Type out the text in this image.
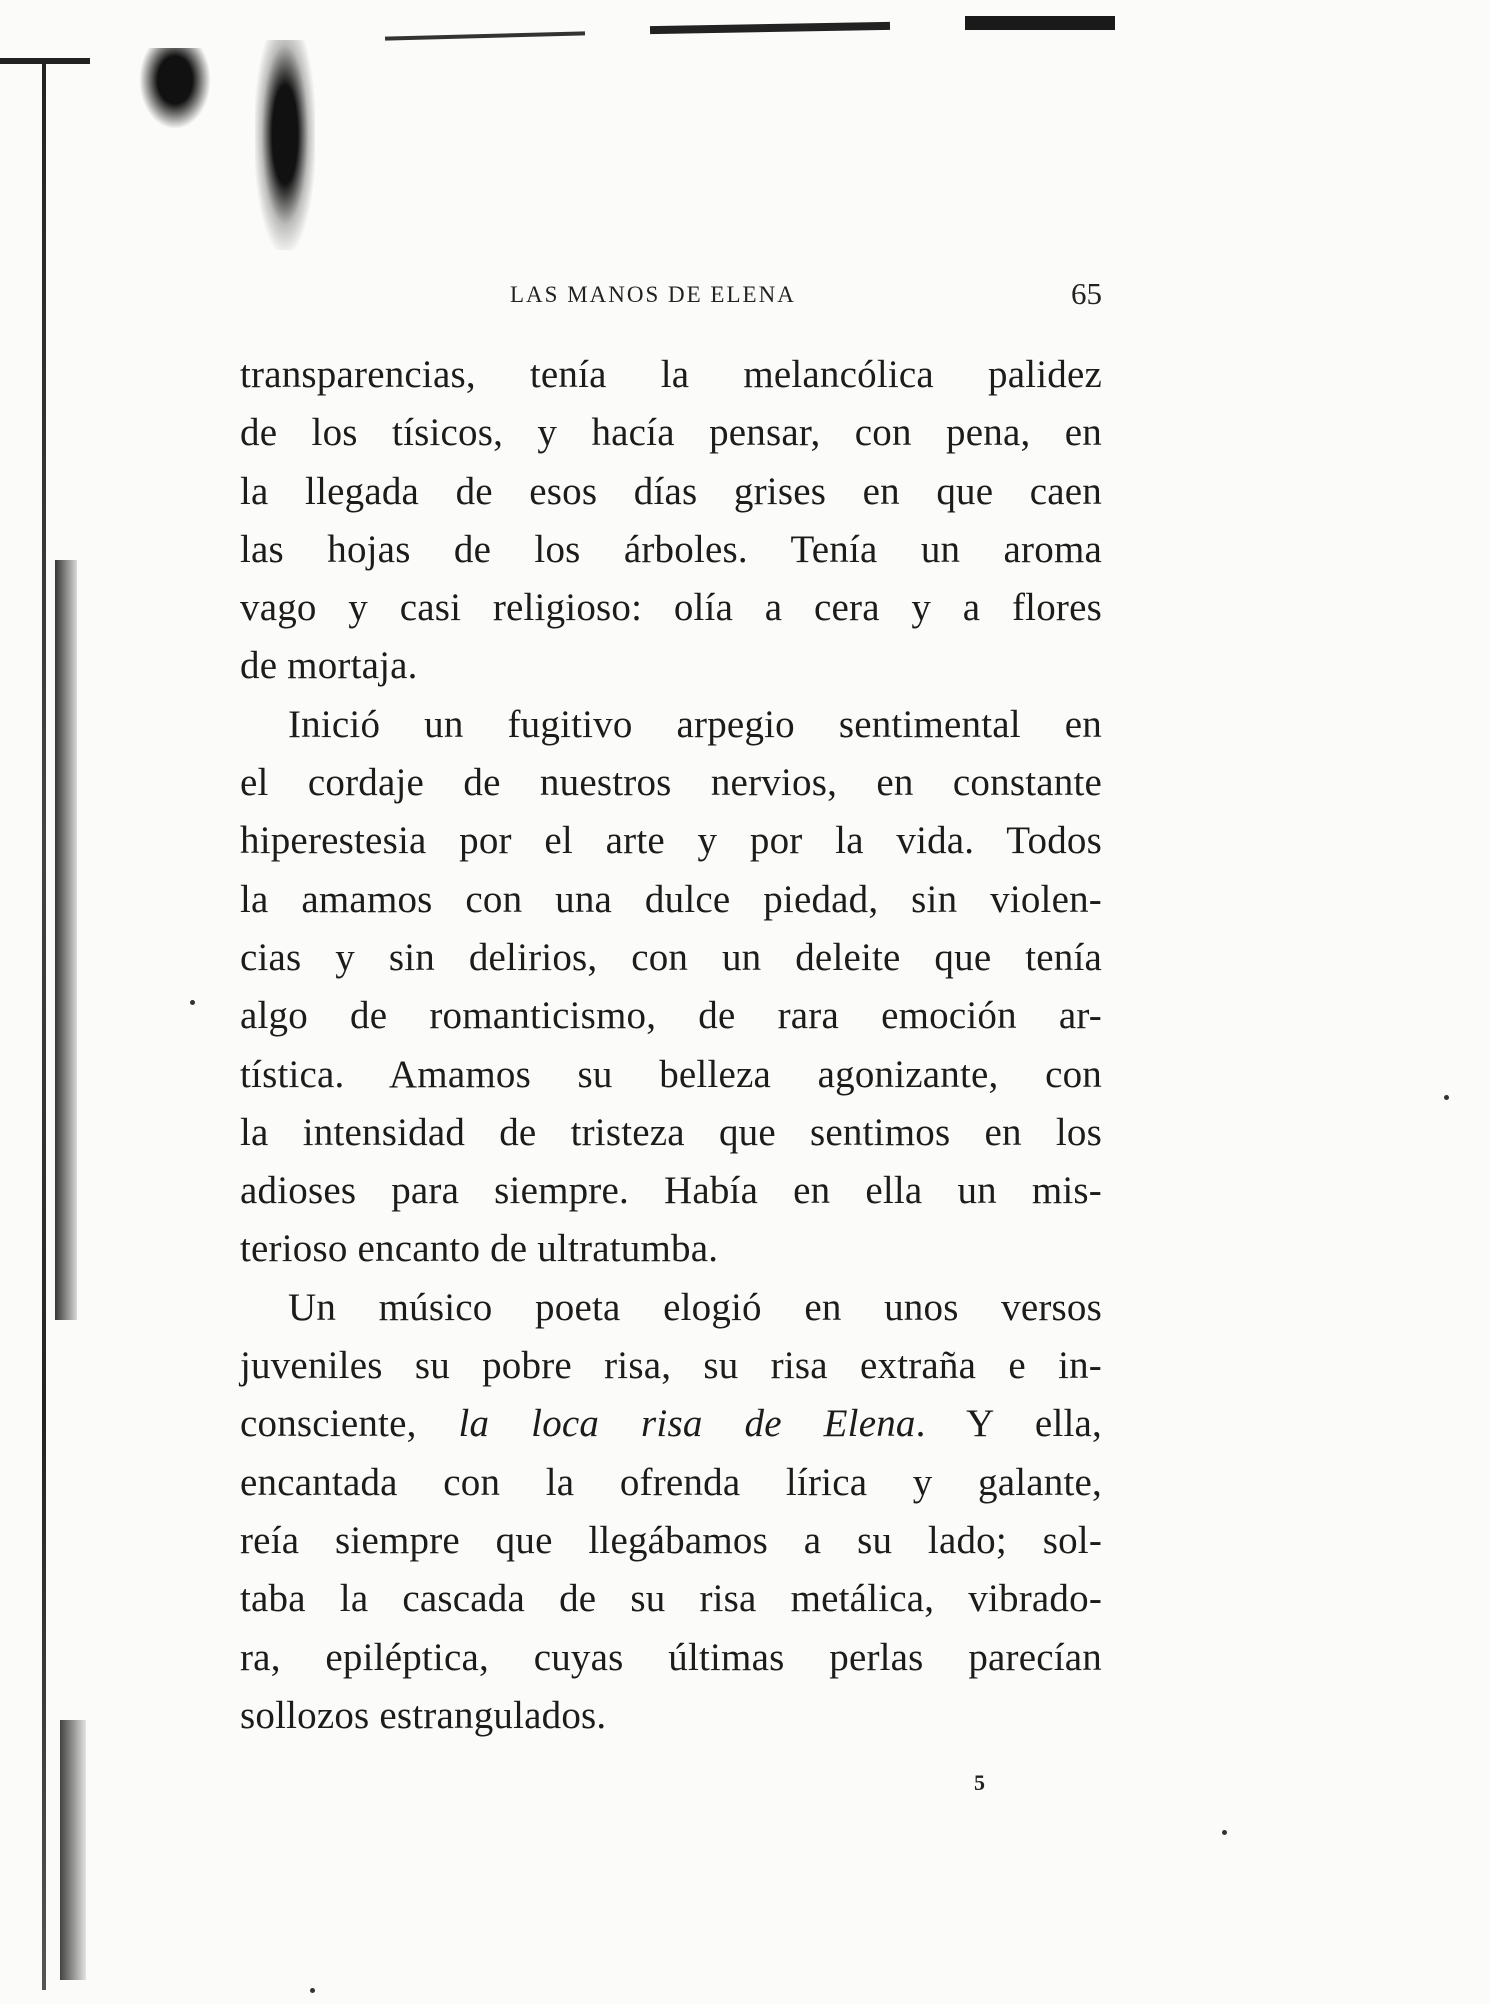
LAS MANOS DE ELENA	65
transparencias, tenía la melancólica palidez
de los tísicos, y hacía pensar, con pena, en
la llegada de esos días grises en que caen
las hojas de los árboles. Tenía un aroma
vago y casi religioso: olía a cera y a flores
de mortaja.
Inició un fugitivo arpegio sentimental en
el cordaje de nuestros nervios, en constante
hiperestesia por el arte y por la vida. Todos
la amamos con una dulce piedad, sin violen-
cias y sin delirios, con un deleite que tenía
algo de romanticismo, de rara emoción ar-
tística. Amamos su belleza agonizante, con
la intensidad de tristeza que sentimos en los
adioses para siempre. Había en ella un mis-
terioso encanto de ultratumba.
Un músico poeta elogió en unos versos
juveniles su pobre risa, su risa extraña e in-
consciente, la loca risa de Elena. Y ella,
encantada con la ofrenda lírica y galante,
reía siempre que llegábamos a su lado; sol-
taba la cascada de su risa metálica, vibrado-
ra, epiléptica, cuyas últimas perlas parecían
sollozos estrangulados.
5
